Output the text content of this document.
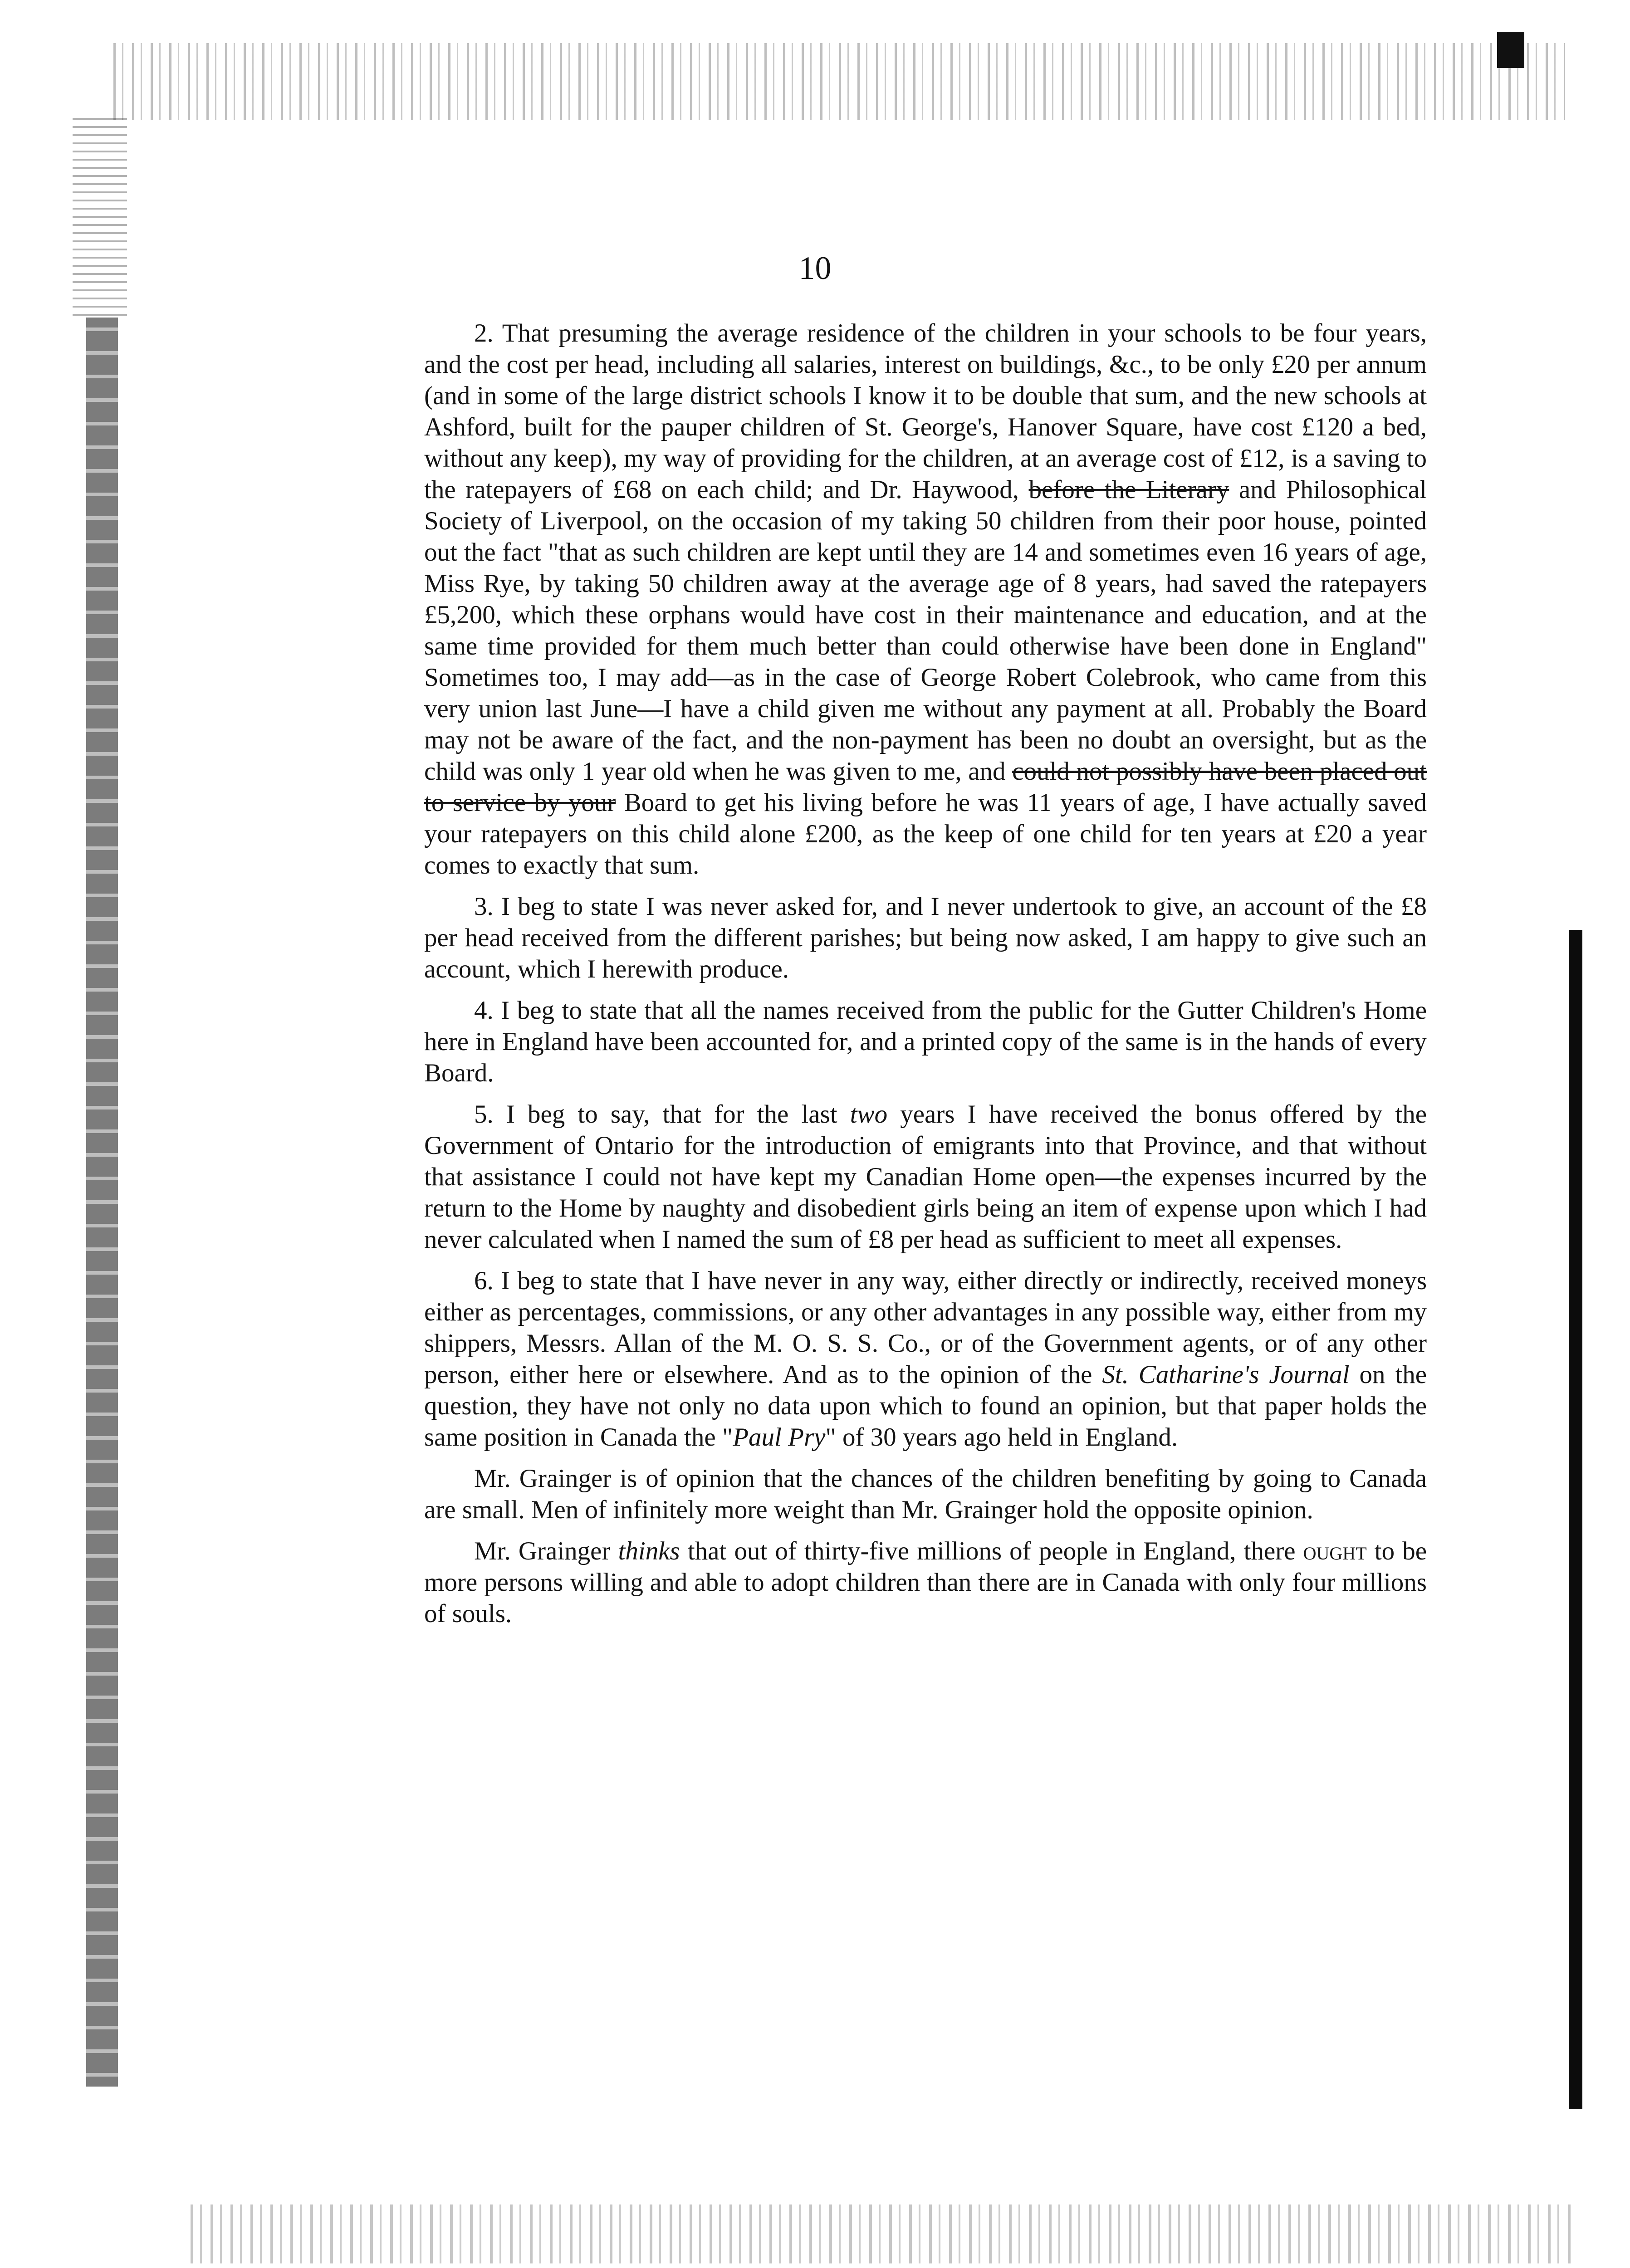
10

2. That presuming the average residence of the children in your schools to be four years, and the cost per head, including all salaries, interest on buildings, &c., to be only £20 per annum (and in some of the large district schools I know it to be double that sum, and the new schools at Ashford, built for the pauper children of St. George's, Hanover Square, have cost £120 a bed, without any keep), my way of providing for the children, at an average cost of £12, is a saving to the ratepayers of £68 on each child; and Dr. Haywood, before the Literary and Philosophical Society of Liverpool, on the occasion of my taking 50 children from their poor house, pointed out the fact "that as such children are kept until they are 14 and sometimes even 16 years of age, Miss Rye, by taking 50 children away at the average age of 8 years, had saved the ratepayers £5,200, which these orphans would have cost in their maintenance and education, and at the same time provided for them much better than could otherwise have been done in England" Sometimes too, I may add—as in the case of George Robert Colebrook, who came from this very union last June—I have a child given me without any payment at all. Probably the Board may not be aware of the fact, and the non-payment has been no doubt an oversight, but as the child was only 1 year old when he was given to me, and could not possibly have been placed out to service by your Board to get his living before he was 11 years of age, I have actually saved your ratepayers on this child alone £200, as the keep of one child for ten years at £20 a year comes to exactly that sum.

3. I beg to state I was never asked for, and I never undertook to give, an account of the £8 per head received from the different parishes; but being now asked, I am happy to give such an account, which I herewith produce.

4. I beg to state that all the names received from the public for the Gutter Children's Home here in England have been accounted for, and a printed copy of the same is in the hands of every Board.

5. I beg to say, that for the last two years I have received the bonus offered by the Government of Ontario for the introduction of emigrants into that Province, and that without that assistance I could not have kept my Canadian Home open—the expenses incurred by the return to the Home by naughty and disobedient girls being an item of expense upon which I had never calculated when I named the sum of £8 per head as sufficient to meet all expenses.

6. I beg to state that I have never in any way, either directly or indirectly, received moneys either as percentages, commissions, or any other advantages in any possible way, either from my shippers, Messrs. Allan of the M. O. S. S. Co., or of the Government agents, or of any other person, either here or elsewhere. And as to the opinion of the St. Catharine's Journal on the question, they have not only no data upon which to found an opinion, but that paper holds the same position in Canada the "Paul Pry" of 30 years ago held in England.

Mr. Grainger is of opinion that the chances of the children benefiting by going to Canada are small. Men of infinitely more weight than Mr. Grainger hold the opposite opinion.

Mr. Grainger thinks that out of thirty-five millions of people in England, there ought to be more persons willing and able to adopt children than there are in Canada with only four millions of souls.
